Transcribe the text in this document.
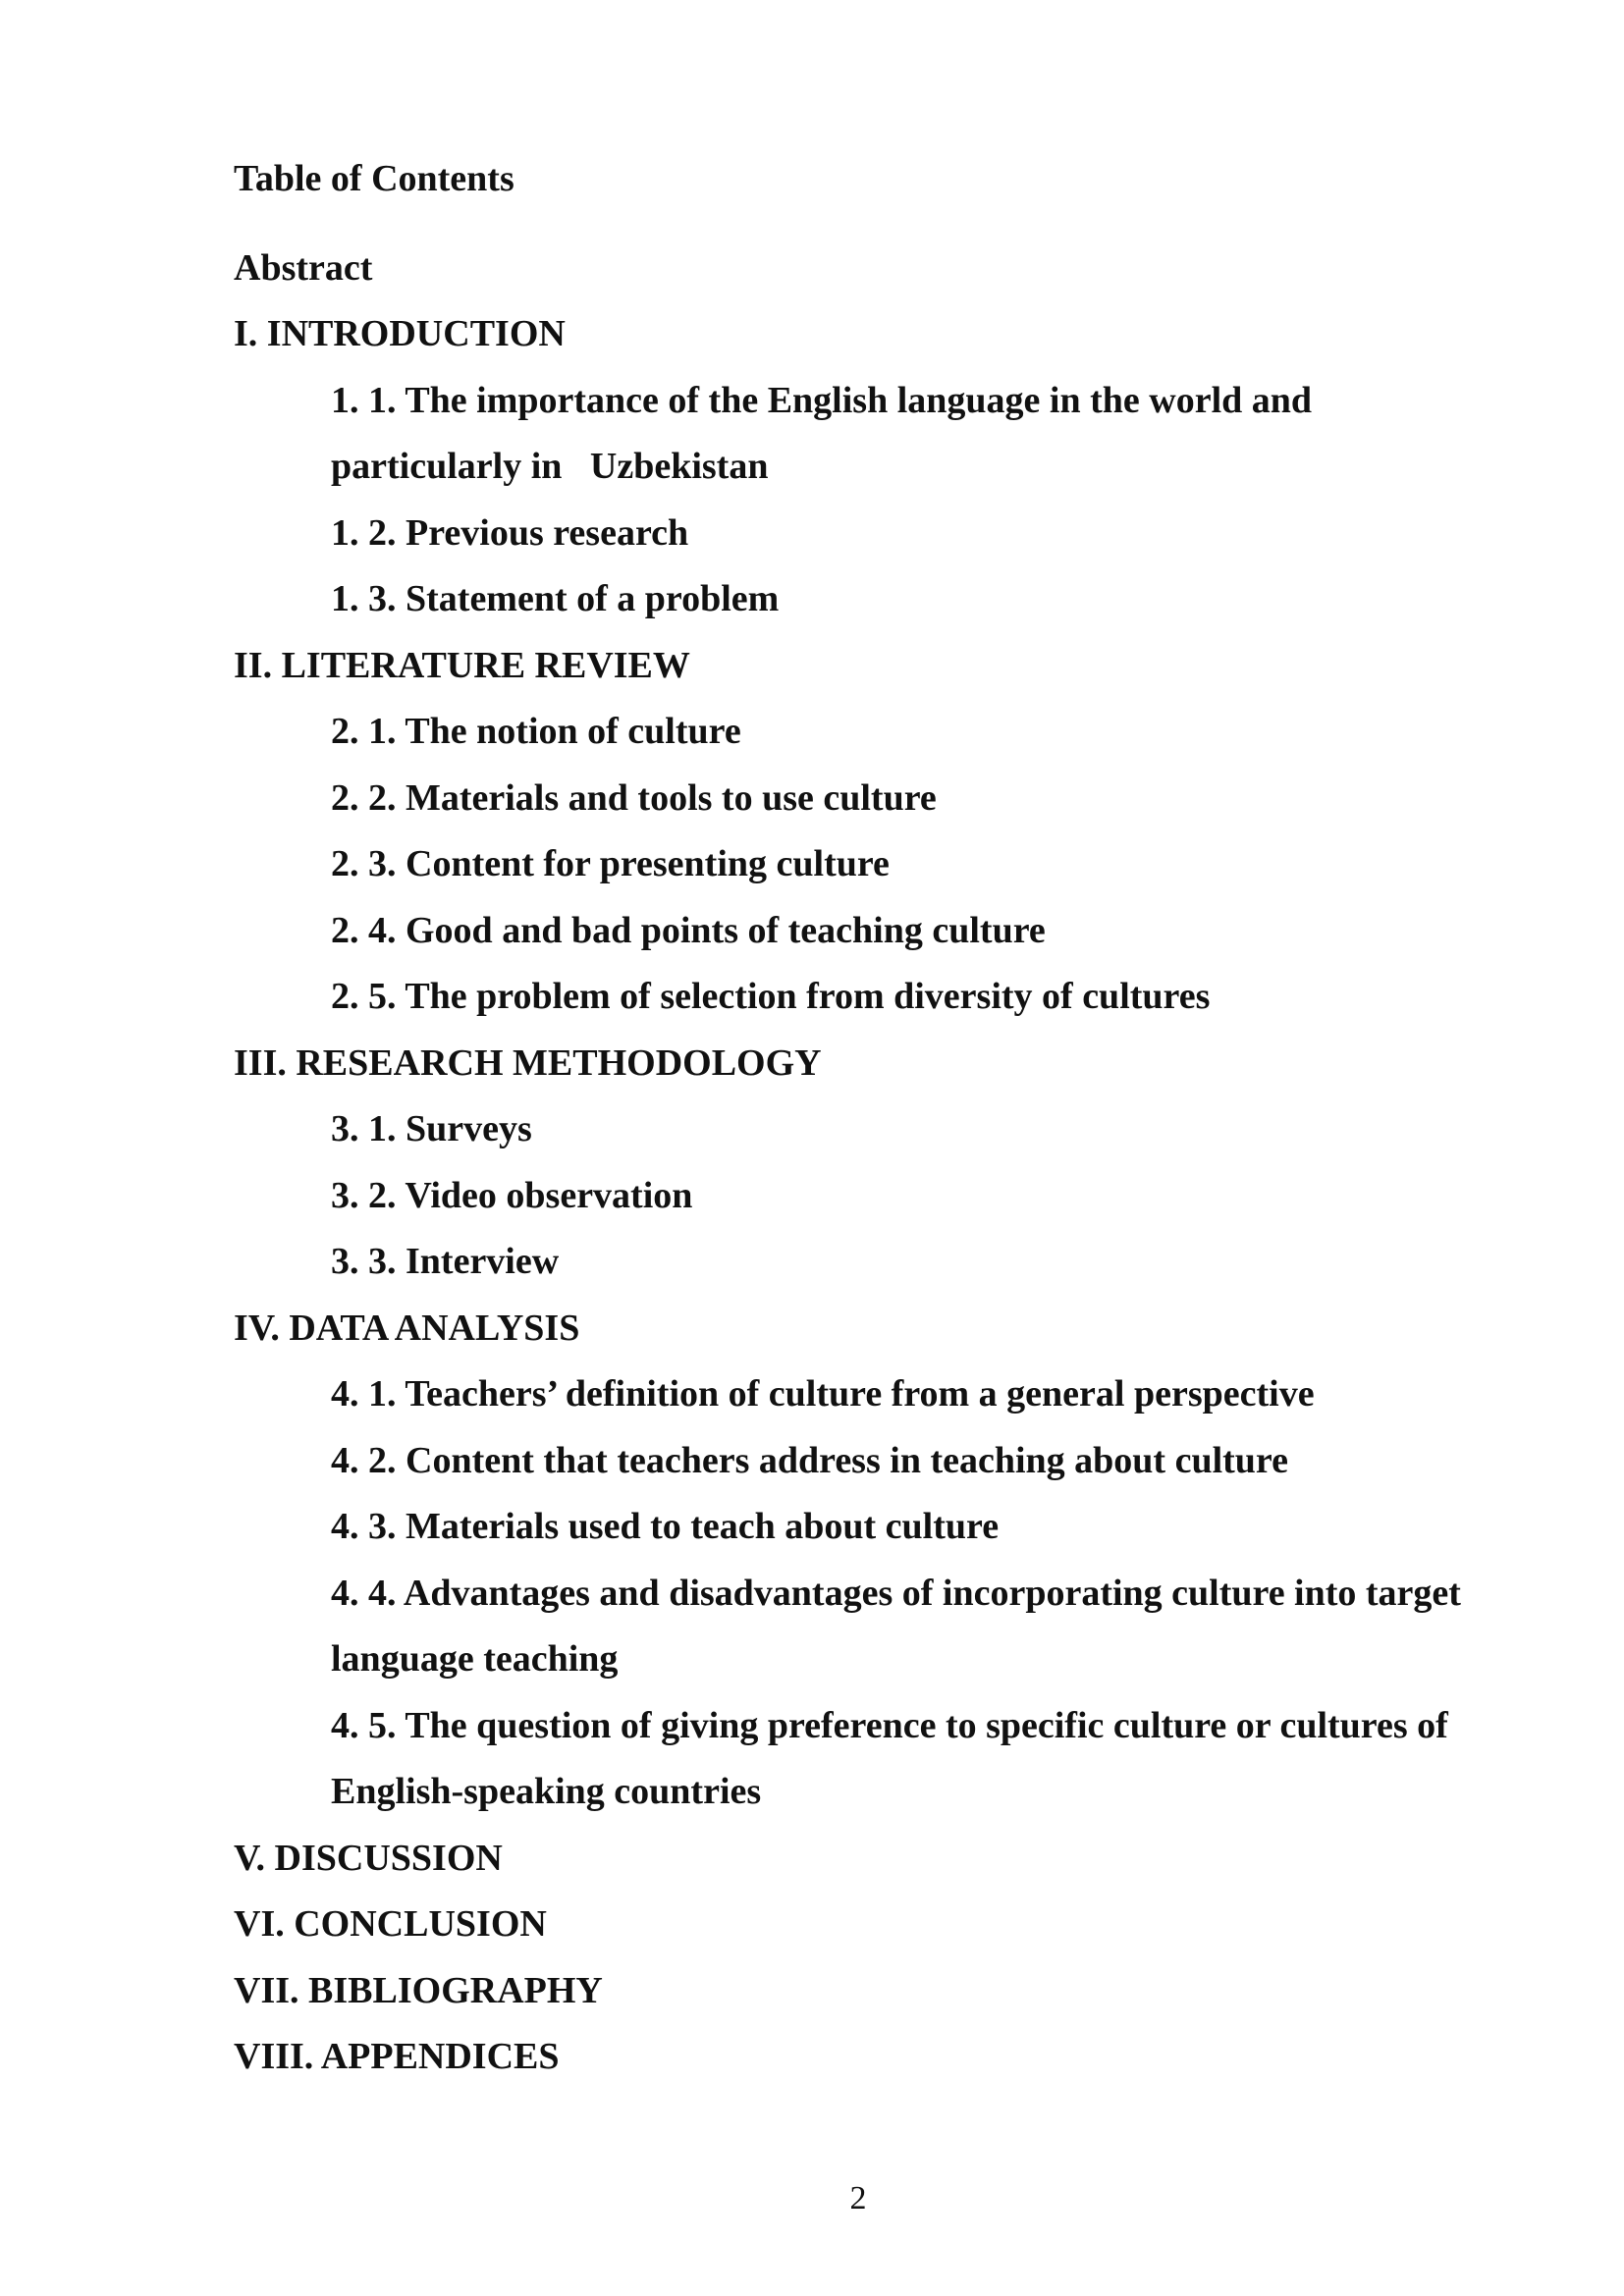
Table of Contents
Abstract
I. INTRODUCTION
1. 1. The importance of the English language in the world and
particularly in   Uzbekistan
1. 2. Previous research
1. 3. Statement of a problem
II. LITERATURE REVIEW
2. 1. The notion of culture
2. 2. Materials and tools to use culture
2. 3. Content for presenting culture
2. 4. Good and bad points of teaching culture
2. 5. The problem of selection from diversity of cultures
III. RESEARCH METHODOLOGY
3. 1. Surveys
3. 2. Video observation
3. 3. Interview
IV. DATA ANALYSIS
4. 1. Teachers’ definition of culture from a general perspective
4. 2. Content that teachers address in teaching about culture
4. 3. Materials used to teach about culture
4. 4. Advantages and disadvantages of incorporating culture into target
language teaching
4. 5. The question of giving preference to specific culture or cultures of
English-speaking countries
V. DISCUSSION
VI. CONCLUSION
VII. BIBLIOGRAPHY
VIII. APPENDICES
2
